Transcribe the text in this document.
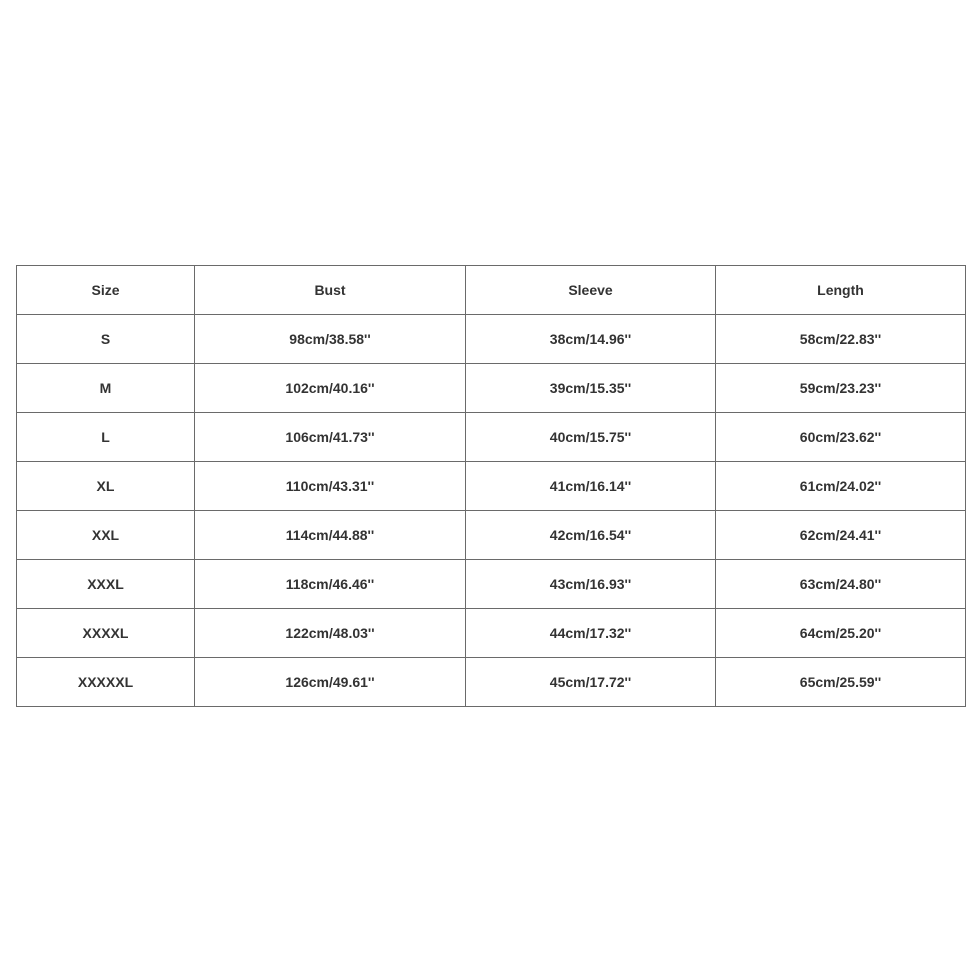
Size	Bust	Sleeve	Length
S	98cm/38.58''	38cm/14.96''	58cm/22.83''
M	102cm/40.16''	39cm/15.35''	59cm/23.23''
L	106cm/41.73''	40cm/15.75''	60cm/23.62''
XL	110cm/43.31''	41cm/16.14''	61cm/24.02''
XXL	114cm/44.88''	42cm/16.54''	62cm/24.41''
XXXL	118cm/46.46''	43cm/16.93''	63cm/24.80''
XXXXL	122cm/48.03''	44cm/17.32''	64cm/25.20''
XXXXXL	126cm/49.61''	45cm/17.72''	65cm/25.59''
